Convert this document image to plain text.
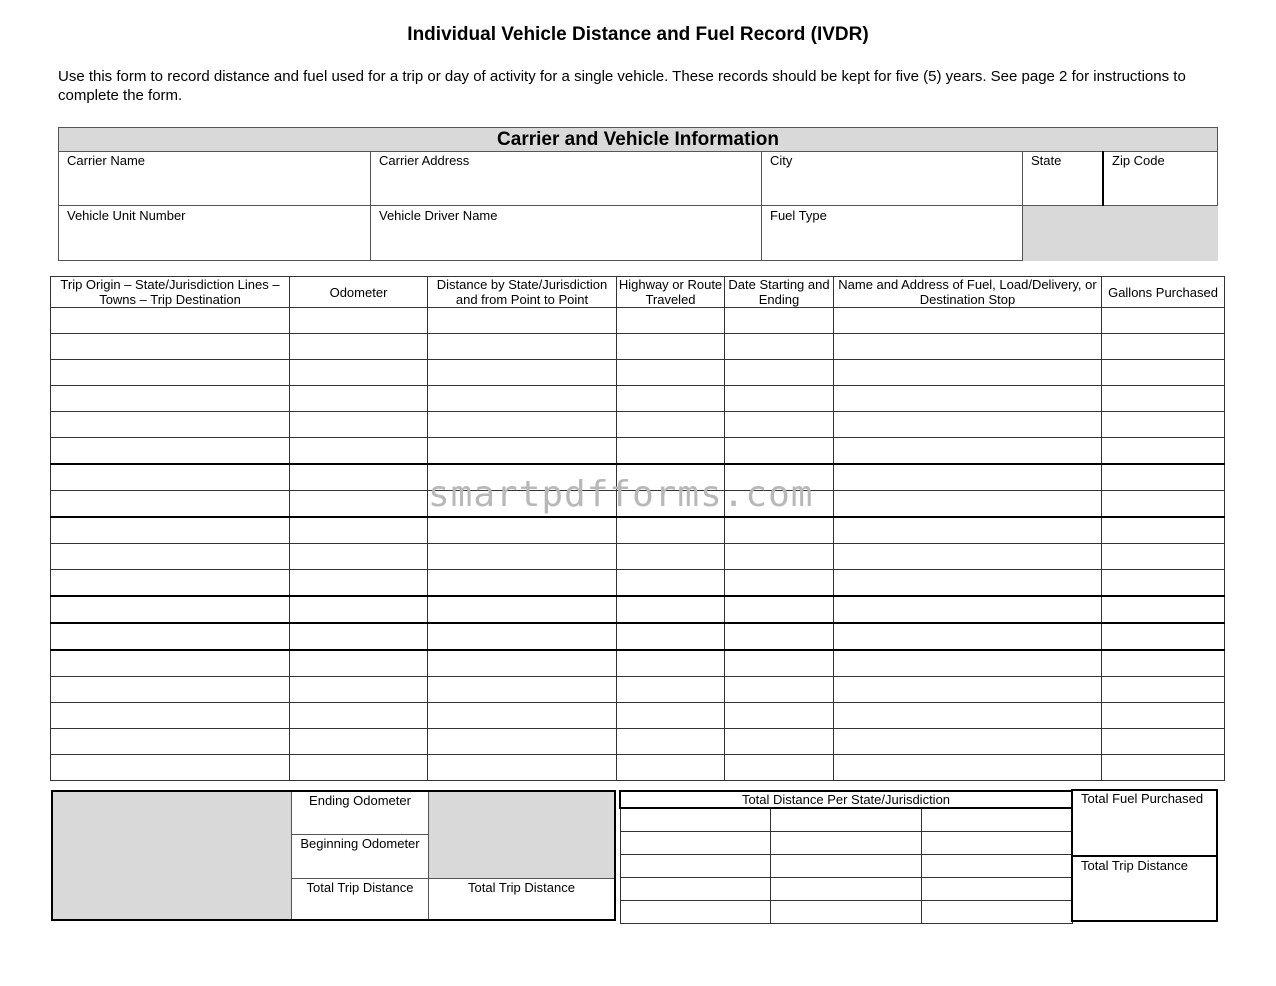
Individual Vehicle Distance and Fuel Record (IVDR)
Use this form to record distance and fuel used for a trip or day of activity for a single vehicle. These records should be kept for five (5) years. See page 2 for instructions to complete the form.
Carrier and Vehicle Information
Carrier Name	Carrier Address	City	State	Zip Code
Vehicle Unit Number	Vehicle Driver Name	Fuel Type
Trip Origin – State/Jurisdiction Lines – Towns – Trip Destination	Odometer	Distance by State/Jurisdiction and from Point to Point	Highway or Route Traveled	Date Starting and Ending	Name and Address of Fuel, Load/Delivery, or Destination Stop	Gallons Purchased

smartpdfforms.com
Ending Odometer
Beginning Odometer
Total Trip Distance	Total Trip Distance
Total Distance Per State/Jurisdiction		

			Total Fuel Purchased
Total Trip Distance
